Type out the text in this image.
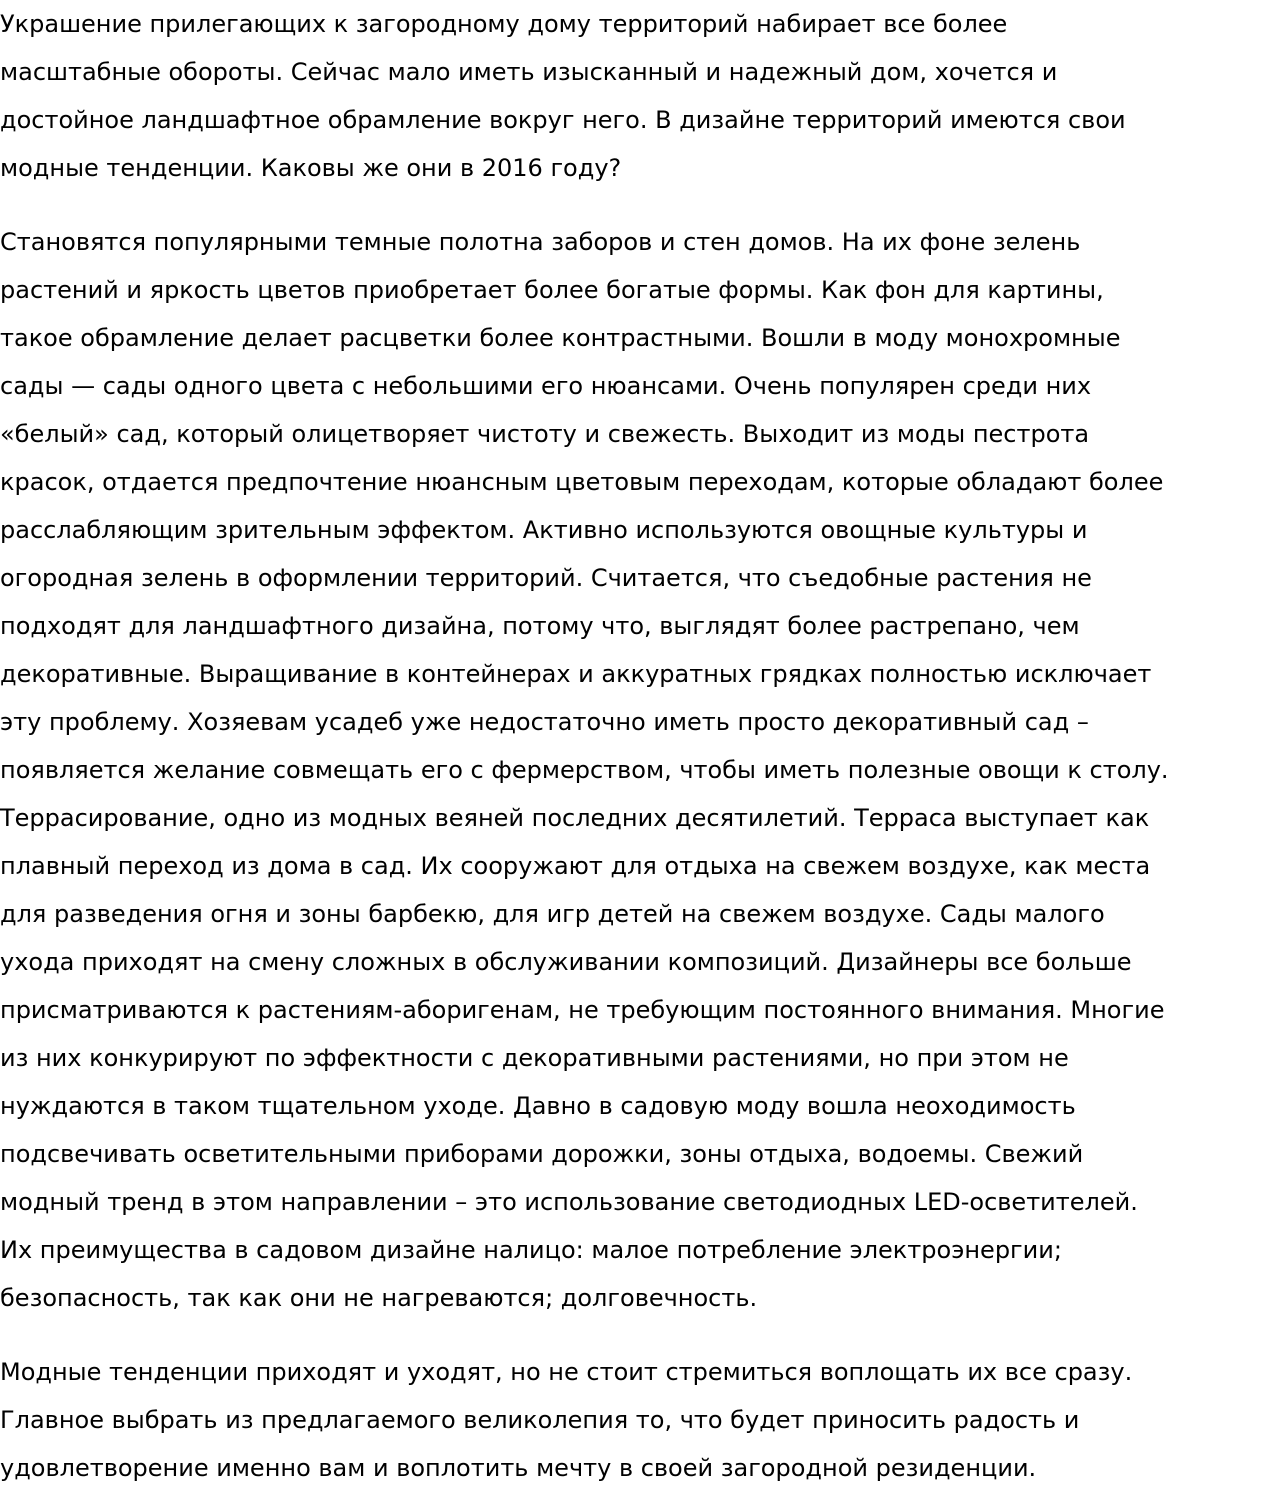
Украшение прилегающих к загородному дому территорий набирает все более
масштабные обороты. Сейчас мало иметь изысканный и надежный дом, хочется и
достойное ландшафтное обрамление вокруг него. В дизайне территорий имеются свои
модные тенденции. Каковы же они в 2016 году?

Становятся популярными темные полотна заборов и стен домов. На их фоне зелень
растений и яркость цветов приобретает более богатые формы. Как фон для картины,
такое обрамление делает расцветки более контрастными. Вошли в моду монохромные
сады — сады одного цвета с небольшими его нюансами. Очень популярен среди них
«белый» сад, который олицетворяет чистоту и свежесть. Выходит из моды пестрота
красок, отдается предпочтение нюансным цветовым переходам, которые обладают более
расслабляющим зрительным эффектом. Активно используются овощные культуры и
огородная зелень в оформлении территорий. Считается, что съедобные растения не
подходят для ландшафтного дизайна, потому что, выглядят более растрепано, чем
декоративные. Выращивание в контейнерах и аккуратных грядках полностью исключает
эту проблему. Хозяевам усадеб уже недостаточно иметь просто декоративный сад –
появляется желание совмещать его с фермерством, чтобы иметь полезные овощи к столу.
Террасирование, одно из модных веяней последних десятилетий. Терраса выступает как
плавный переход из дома в сад. Их сооружают для отдыха на свежем воздухе, как места
для разведения огня и зоны барбекю, для игр детей на свежем воздухе. Сады малого
ухода приходят на смену сложных в обслуживании композиций. Дизайнеры все больше
присматриваются к растениям-аборигенам, не требующим постоянного внимания. Многие
из них конкурируют по эффектности с декоративными растениями, но при этом не
нуждаются в таком тщательном уходе. Давно в садовую моду вошла неоходимость
подсвечивать осветительными приборами дорожки, зоны отдыха, водоемы. Свежий
модный тренд в этом направлении – это использование светодиодных LED-осветителей.
Их преимущества в садовом дизайне налицо: малое потребление электроэнергии;
безопасность, так как они не нагреваются; долговечность.

Модные тенденции приходят и уходят, но не стоит стремиться воплощать их все сразу.
Главное выбрать из предлагаемого великолепия то, что будет приносить радость и
удовлетворение именно вам и воплотить мечту в своей загородной резиденции.
